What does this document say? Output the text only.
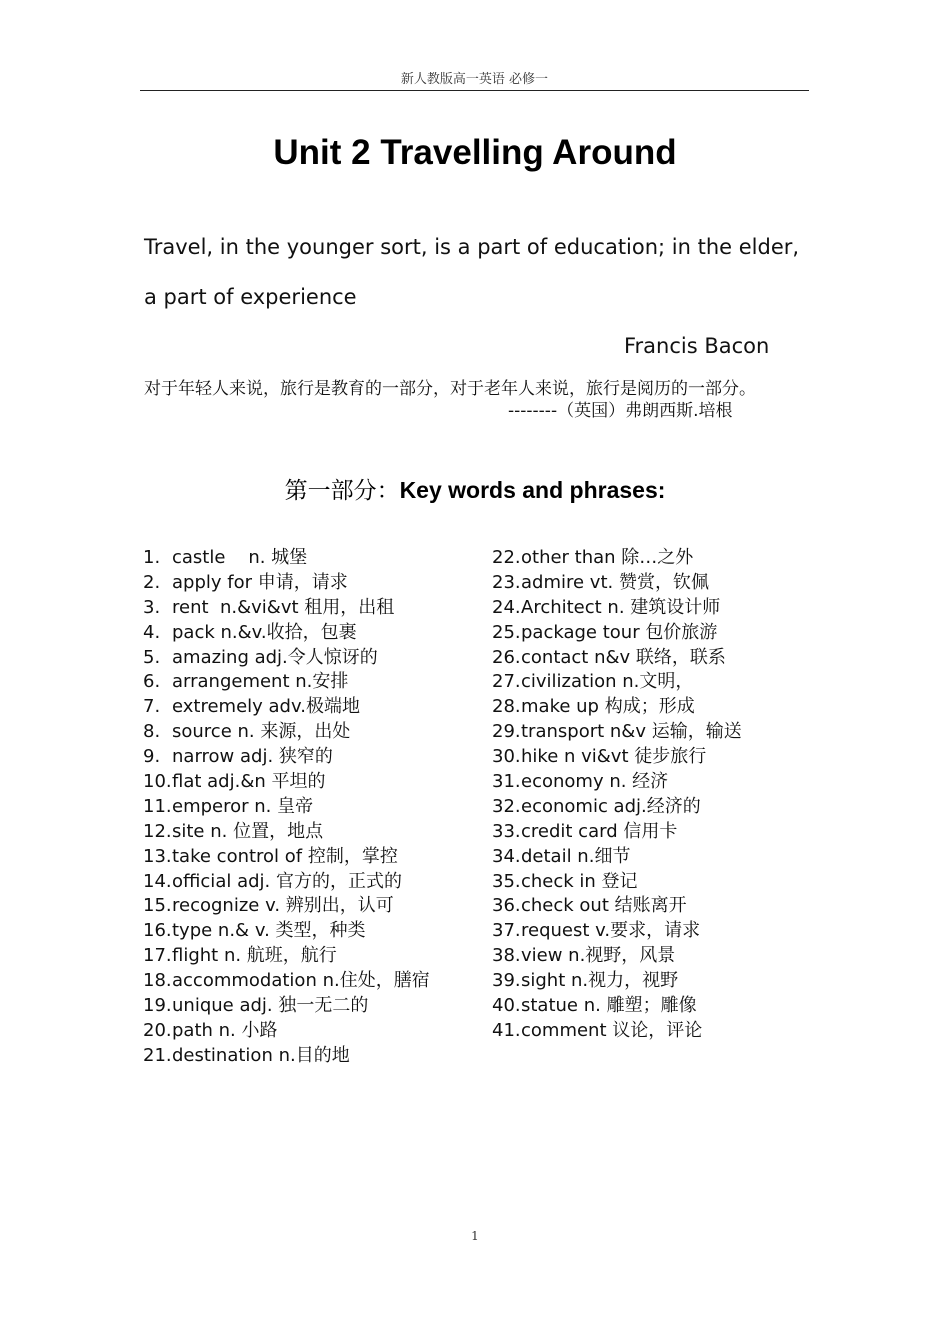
新人教版高一英语 必修一
Unit 2 Travelling Around
Travel, in the younger sort, is a part of education; in the elder,
a part of experience
Francis Bacon
对于年轻人来说，旅行是教育的一部分，对于老年人来说，旅行是阅历的一部分。
--------（英国）弗朗西斯.培根
第一部分：Key words and phrases:
1. castle    n. 城堡
2. apply for 申请，请求
3. rent  n.&vi&vt 租用，出租
4. pack n.&v.收拾，包裹
5. amazing adj.令人惊讶的
6. arrangement n.安排
7. extremely adv.极端地
8. source n. 来源，出处
9. narrow adj. 狭窄的
10.flat adj.&n 平坦的
11.emperor n. 皇帝
12.site n. 位置，地点
13.take control of 控制，掌控
14.official adj. 官方的，正式的
15.recognize v. 辨别出，认可
16.type n.& v. 类型，种类
17.flight n. 航班，航行
18.accommodation n.住处，膳宿
19.unique adj. 独一无二的
20.path n. 小路
21.destination n.目的地
22.other than 除…之外
23.admire vt. 赞赏，钦佩
24.Architect n. 建筑设计师
25.package tour 包价旅游
26.contact n&v 联络，联系
27.civilization n.文明，
28.make up 构成；形成
29.transport n&v 运输，输送
30.hike n vi&vt 徒步旅行
31.economy n. 经济
32.economic adj.经济的
33.credit card 信用卡
34.detail n.细节
35.check in 登记
36.check out 结账离开
37.request v.要求，请求
38.view n.视野，风景
39.sight n.视力，视野
40.statue n. 雕塑；雕像
41.comment 议论，评论
1
